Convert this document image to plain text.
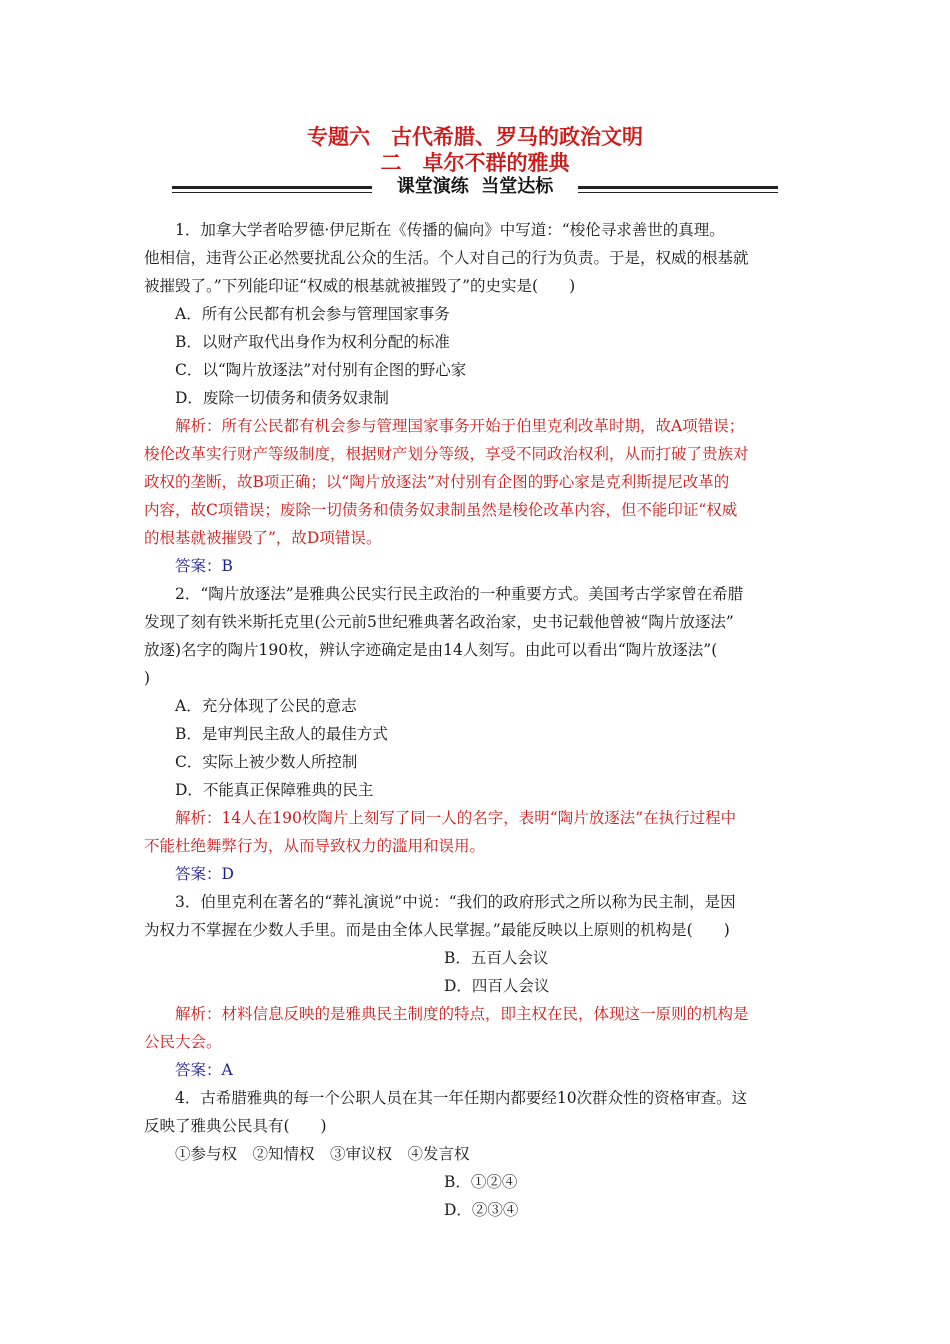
专题六　古代希腊、罗马的政治文明
二　卓尔不群的雅典
课堂演练  当堂达标
1．加拿大学者哈罗德·伊尼斯在《传播的偏向》中写道：“梭伦寻求善世的真理。
他相信，违背公正必然要扰乱公众的生活。个人对自己的行为负责。于是，权威的根基就
被摧毁了。”下列能印证“权威的根基就被摧毁了”的史实是(　　)
A．所有公民都有机会参与管理国家事务
B．以财产取代出身作为权利分配的标准
C．以“陶片放逐法”对付别有企图的野心家
D．废除一切债务和债务奴隶制
解析：所有公民都有机会参与管理国家事务开始于伯里克利改革时期，故A项错误；
梭伦改革实行财产等级制度，根据财产划分等级，享受不同政治权利，从而打破了贵族对
政权的垄断，故B项正确；以“陶片放逐法”对付别有企图的野心家是克利斯提尼改革的
内容，故C项错误；废除一切债务和债务奴隶制虽然是梭伦改革内容，但不能印证“权威
的根基就被摧毁了”，故D项错误。
答案：B
2．“陶片放逐法”是雅典公民实行民主政治的一种重要方式。美国考古学家曾在希腊
发现了刻有铁米斯托克里(公元前5世纪雅典著名政治家，史书记载他曾被“陶片放逐法”
放逐)名字的陶片190枚，辨认字迹确定是由14人刻写。由此可以看出“陶片放逐法”(
)
A．充分体现了公民的意志
B．是审判民主敌人的最佳方式
C．实际上被少数人所控制
D．不能真正保障雅典的民主
解析：14人在190枚陶片上刻写了同一人的名字，表明“陶片放逐法”在执行过程中
不能杜绝舞弊行为，从而导致权力的滥用和误用。
答案：D
3．伯里克利在著名的“葬礼演说”中说：“我们的政府形式之所以称为民主制，是因
为权力不掌握在少数人手里。而是由全体人民掌握。”最能反映以上原则的机构是(　　)

B．五百人会议

D．四百人会议

解析：材料信息反映的是雅典民主制度的特点，即主权在民，体现这一原则的机构是
公民大会。
答案：A
4．古希腊雅典的每一个公职人员在其一年任期内都要经10次群众性的资格审查。这
反映了雅典公民具有(　　)
①参与权　②知情权　③审议权　④发言权

B．①②④

D．②③④
